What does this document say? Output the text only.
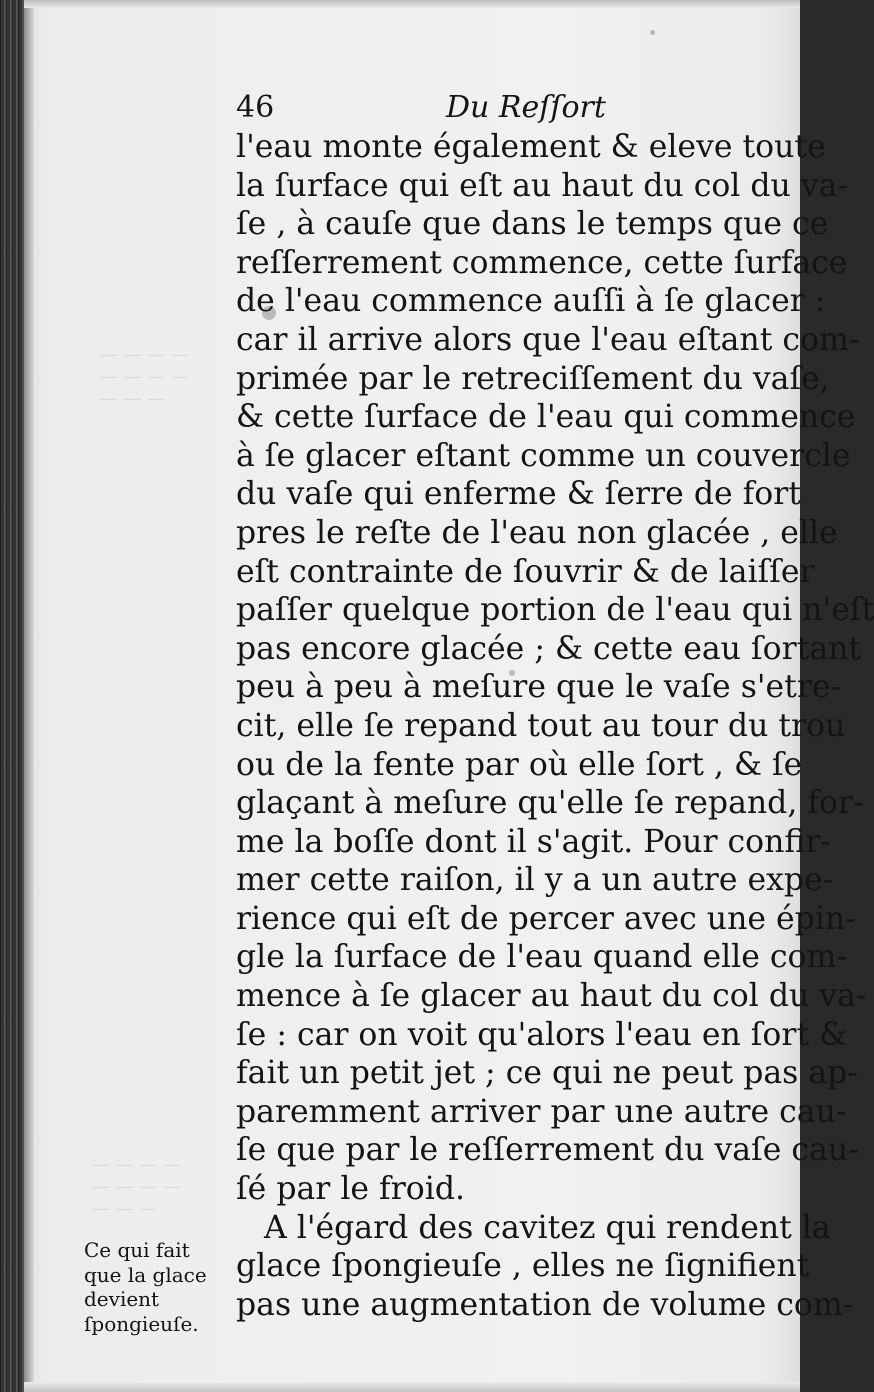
— — — —
— — — —
— — —
— — — —
— — — —
— — —
46	Du Reſſort
l'eau monte également & eleve toute
la ſurface qui eſt au haut du col du va-
ſe , à cauſe que dans le temps que ce
reſſerrement commence, cette ſurface
de l'eau commence auſſi à ſe glacer :
car il arrive alors que l'eau eſtant com-
primée par le retreciſſement du vaſe,
& cette ſurface de l'eau qui commence
à ſe glacer eſtant comme un couvercle
du vaſe qui enferme & ſerre de fort
pres le reſte de l'eau non glacée , elle
eſt contrainte de ſouvrir & de laiſſer
paſſer quelque portion de l'eau qui n'eſt
pas encore glacée ; & cette eau ſortant
peu à peu à meſure que le vaſe s'etre-
cit, elle ſe repand tout au tour du trou
ou de la fente par où elle ſort , & ſe
glaçant à meſure qu'elle ſe repand, for-
me la boſſe dont il s'agit. Pour confir-
mer cette raiſon, il y a un autre expe-
rience qui eſt de percer avec une épin-
gle la ſurface de l'eau quand elle com-
mence à ſe glacer au haut du col du va-
ſe : car on voit qu'alors l'eau en ſort &
fait un petit jet ; ce qui ne peut pas ap-
paremment arriver par une autre cau-
ſe que par le reſſerrement du vaſe cau-
ſé par le froid.
A l'égard des cavitez qui rendent la
glace ſpongieuſe , elles ne ſignifient
pas une augmentation de volume com-
Ce qui fait
que la glace
devient
ſpongieuſe.
